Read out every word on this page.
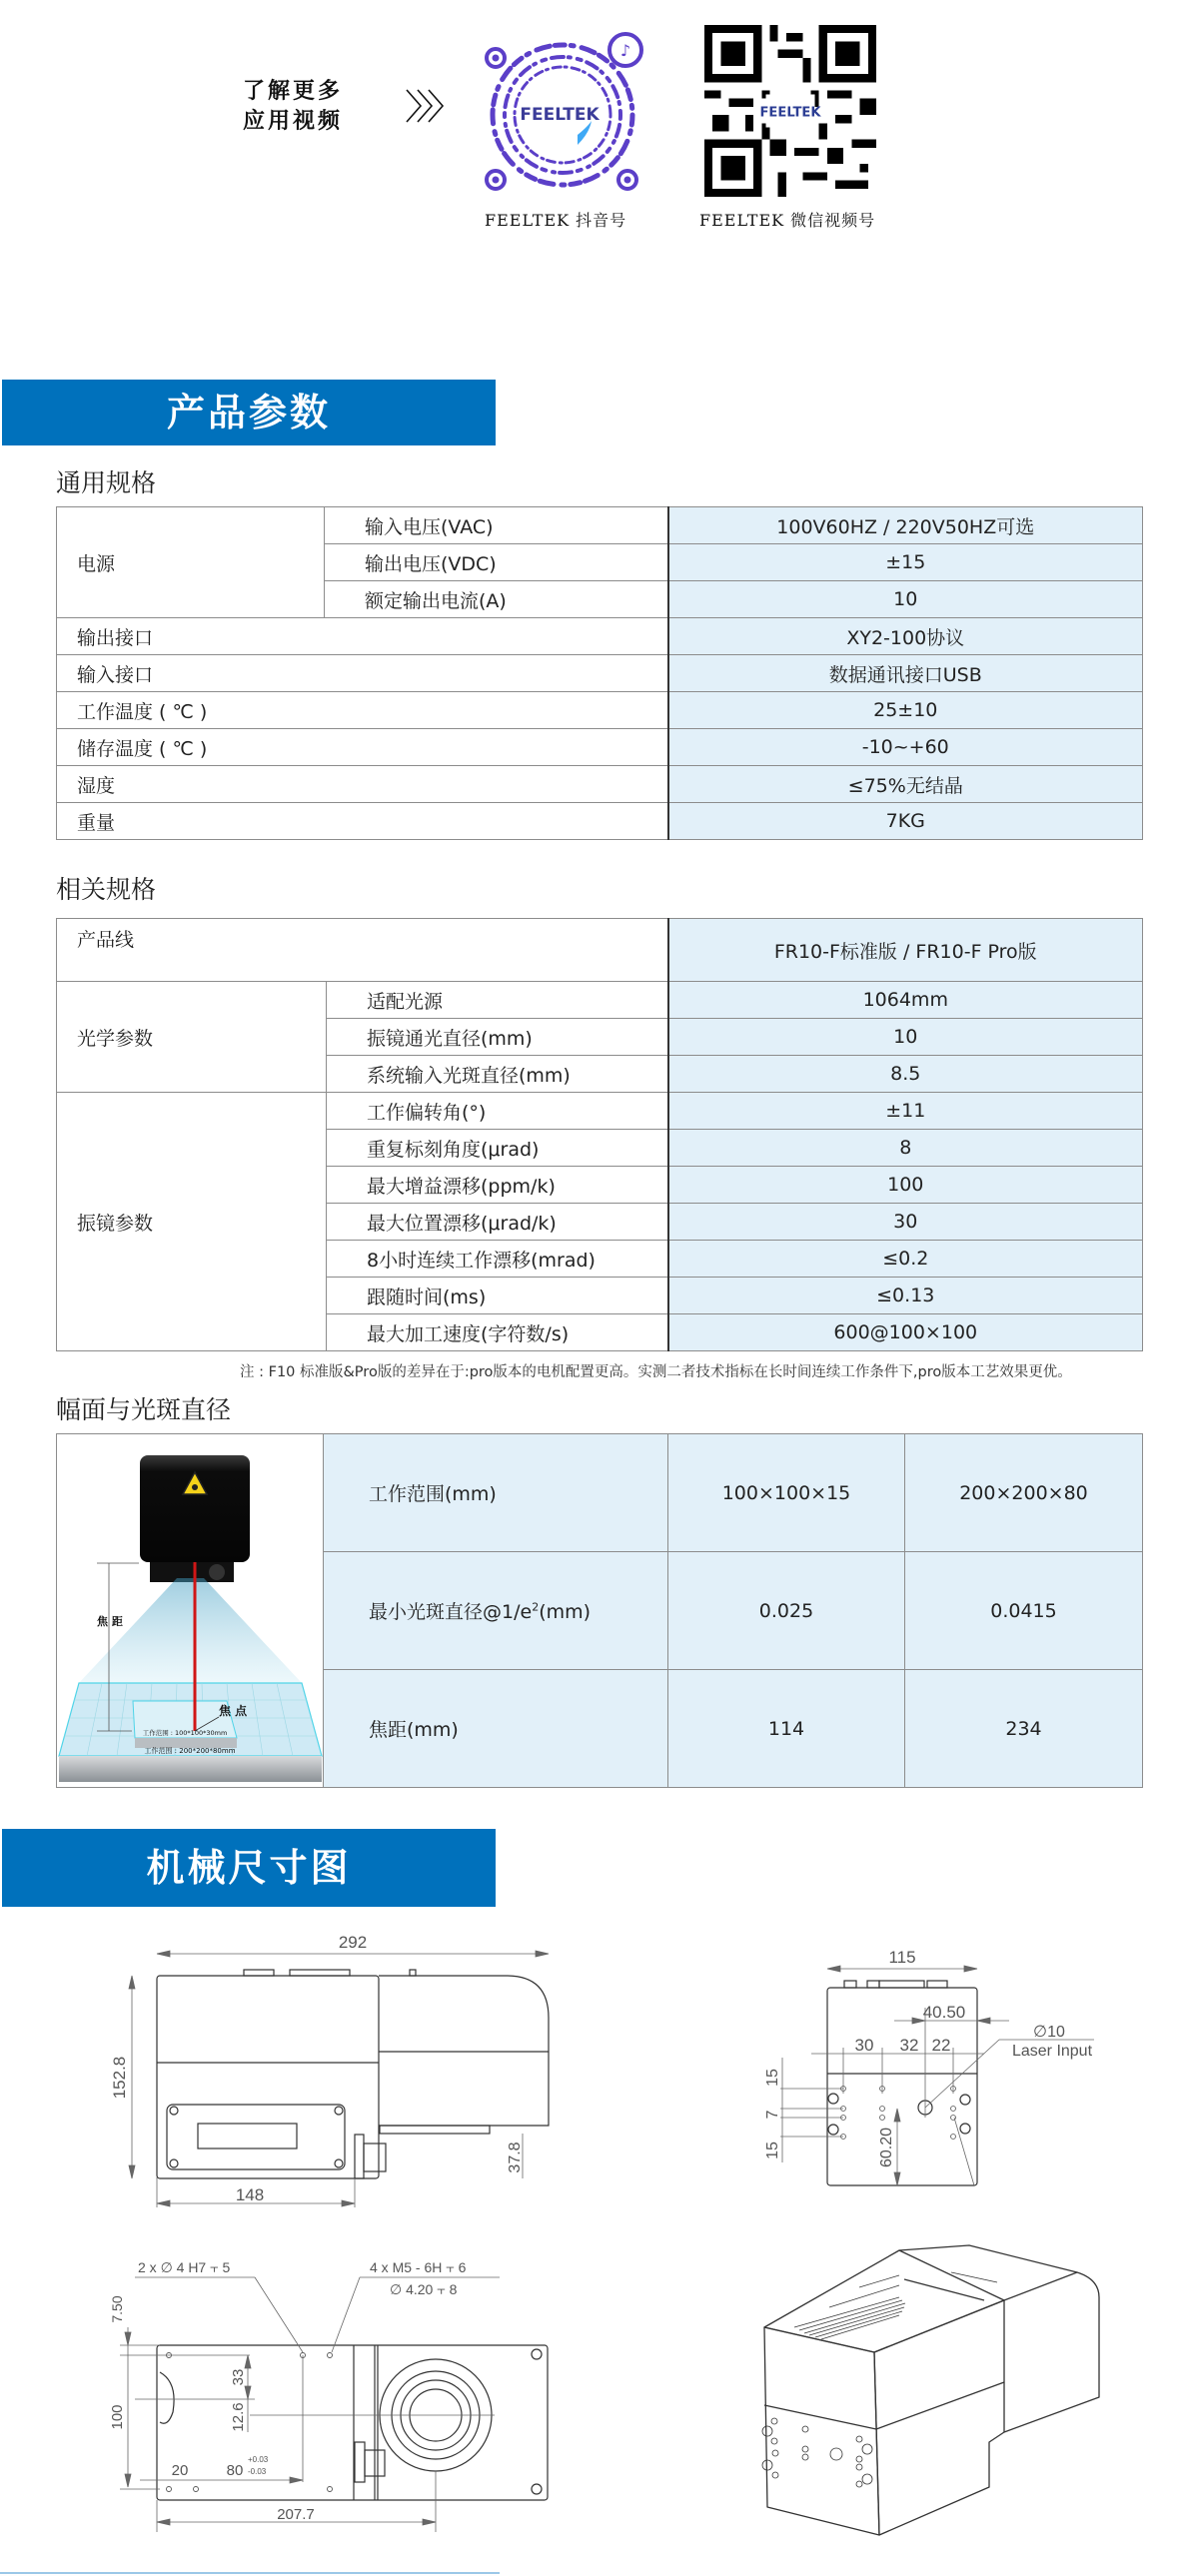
了解更多
应用视频
♪
FEELTEK	FEELTEK
FEELTEK 抖音号	FEELTEK 微信视频号
产品参数
通用规格
电源	输入电压(VAC)	100V60HZ / 220V50HZ可选
	输出电压(VDC)	±15
	额定输出电流(A)	10
输出接口		XY2-100协议
输入接口		数据通讯接口USB
工作温度 ( ℃ )		25±10
储存温度 ( ℃ )		-10~+60
湿度		≤75%无结晶
重量		7KG
相关规格
产品线		FR10-F标准版 / FR10-F Pro版
光学参数	适配光源	1064mm
	振镜通光直径(mm)	10
	系统输入光斑直径(mm)	8.5
振镜参数	工作偏转角(°)	±11
	重复标刻角度(μrad)	8
	最大增益漂移(ppm/k)	100
	最大位置漂移(μrad/k)	30
	8小时连续工作漂移(mrad)	≤0.2
	跟随时间(ms)	≤0.13
	最大加工速度(字符数/s)	600@100×100
注 : F10 标准版&Pro版的差异在于:pro版本的电机配置更高。实测二者技术指标在长时间连续工作条件下,pro版本工艺效果更优。
幅面与光斑直径
焦 距
焦 点
工作范围 : 100*100*30mm
工作范围 : 200*200*80mm	工作范围(mm)	100×100×15	200×200×80
	最小光斑直径$@1/e^2(mm)$	0.025	0.0415
	焦距(mm)	114	234
机械尺寸图
292
152.8
148
37.8
115
40.50
30 32 22
∅10
Laser Input
15
7
15	60.20
2 x ∅ 4 H7 ⫟ 5	4 x M5 - 6H ⫟ 6
∅ 4.20 ⫟ 8
7.50
100
33
12.6
20	80
+0.03
-0.03
207.7
